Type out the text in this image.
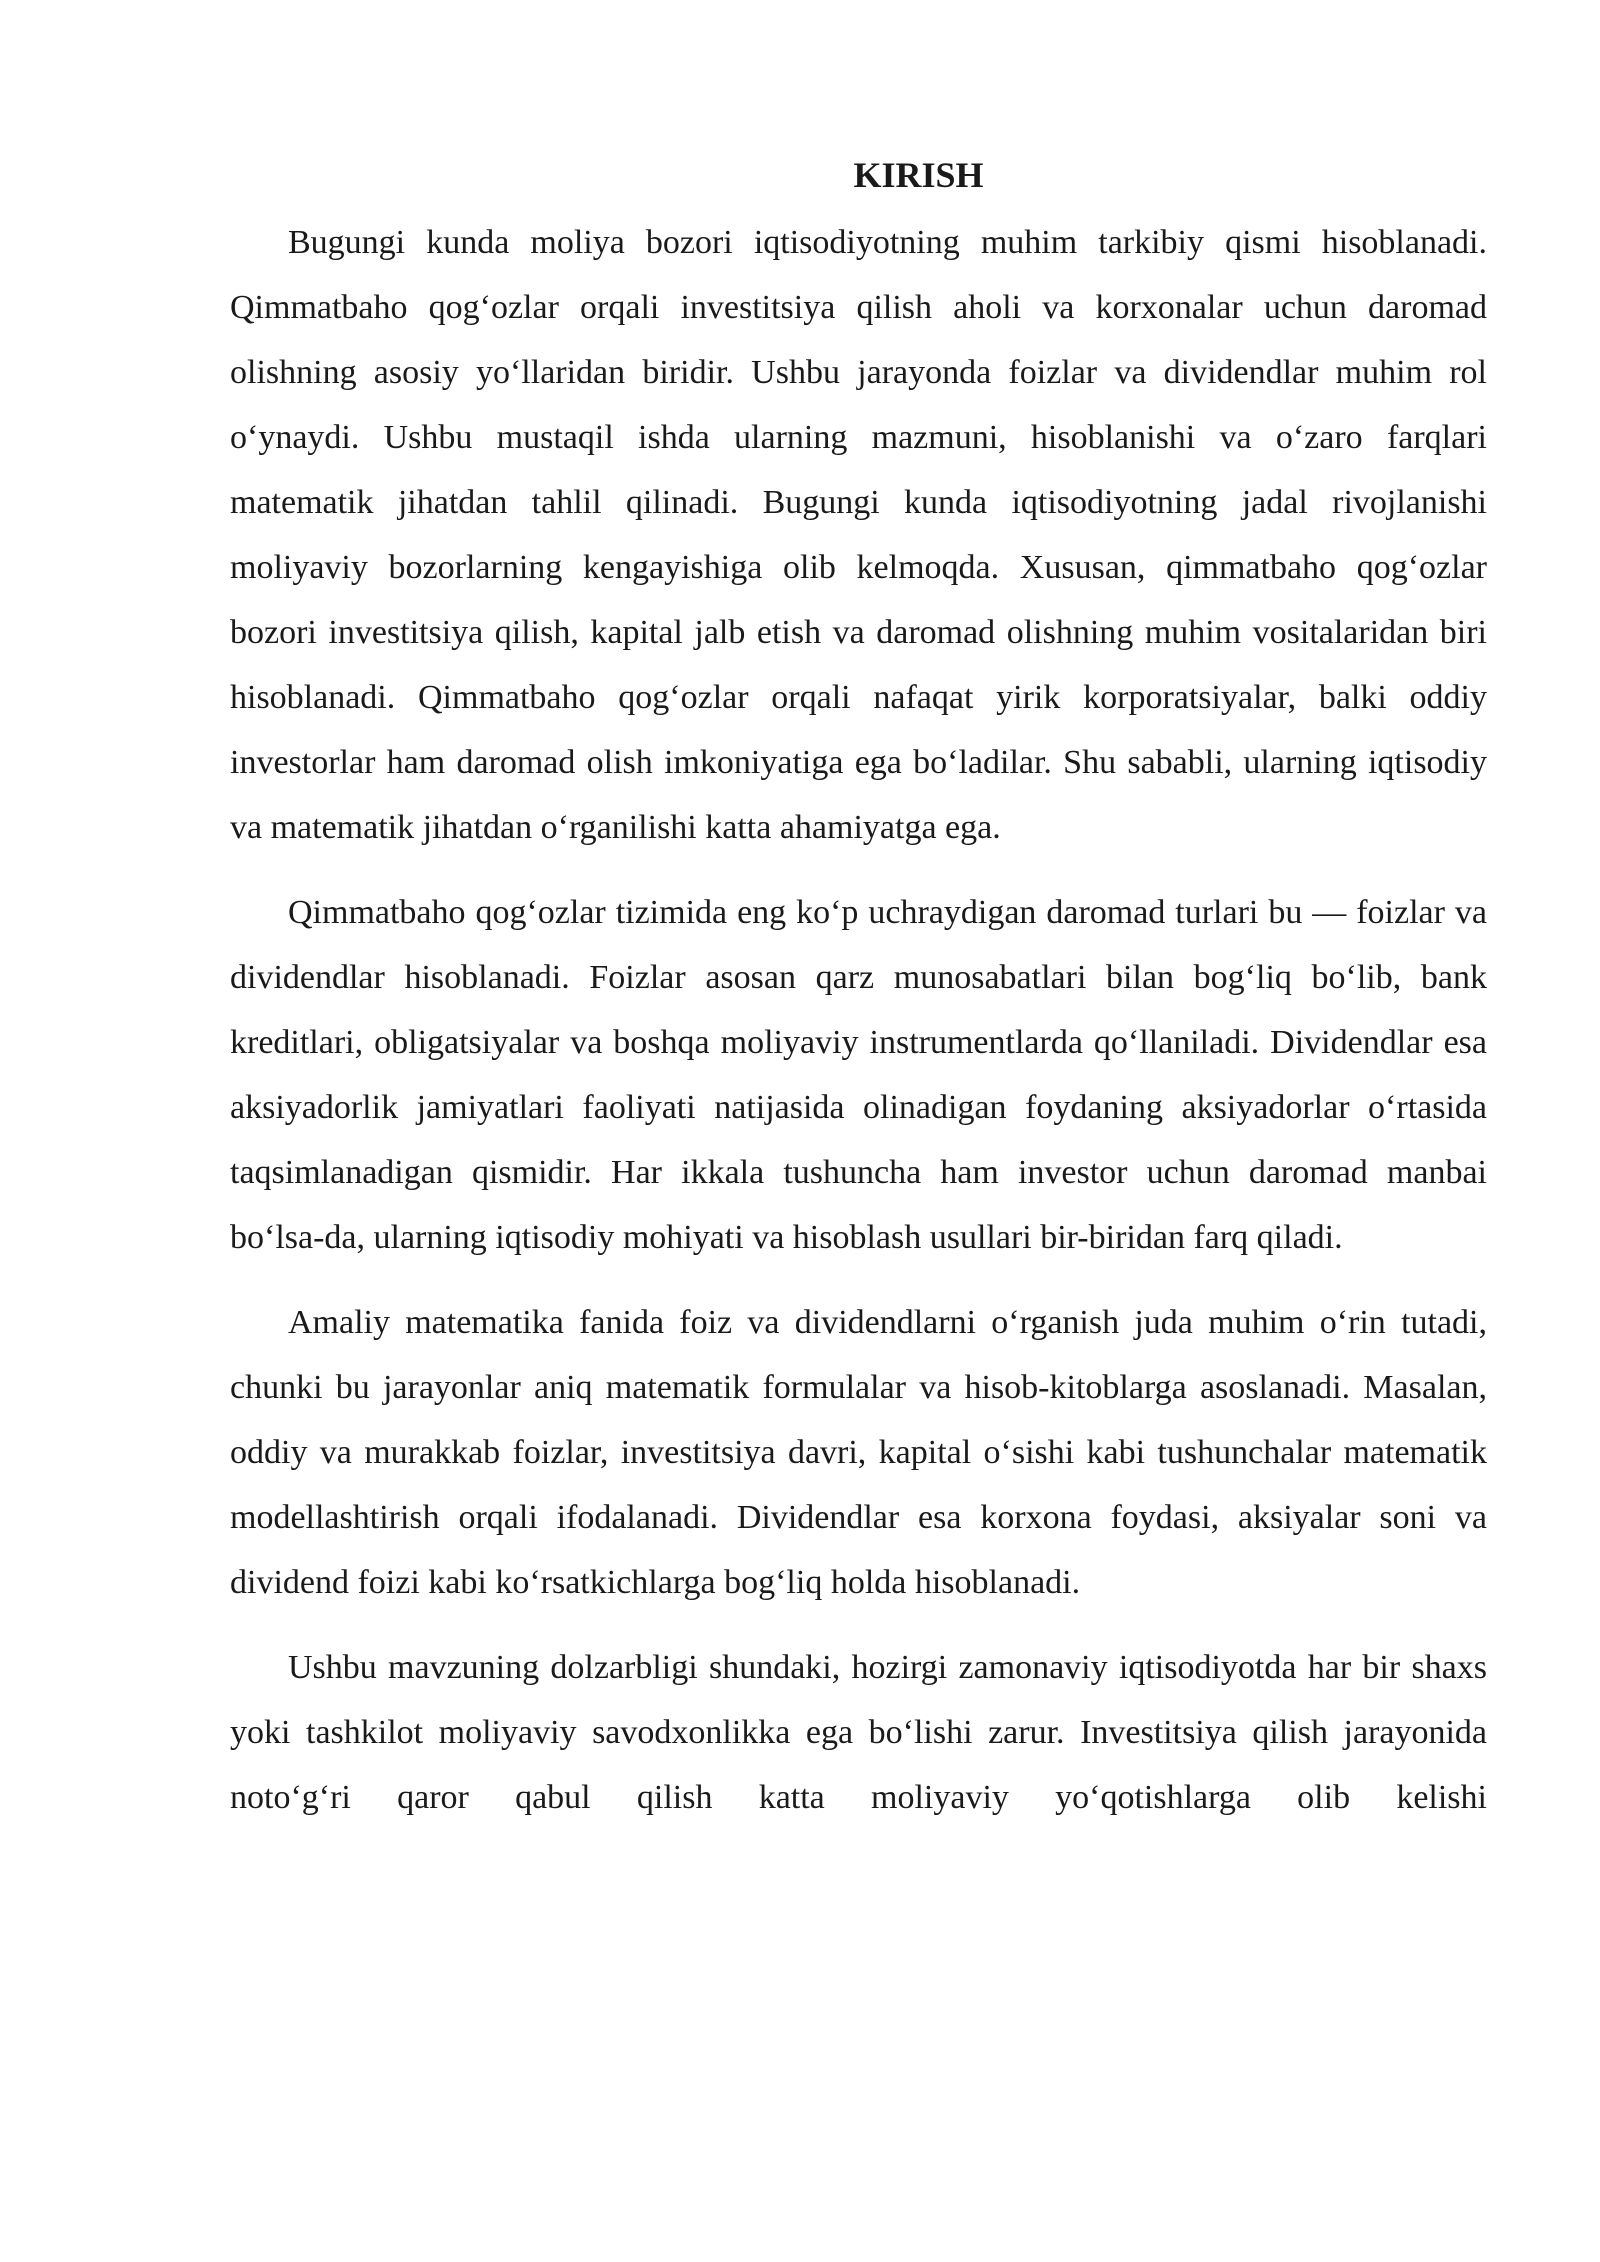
KIRISH

Bugungi kunda moliya bozori iqtisodiyotning muhim tarkibiy qismi hisoblanadi. Qimmatbaho qog‘ozlar orqali investitsiya qilish aholi va korxonalar uchun daromad olishning asosiy yo‘llaridan biridir. Ushbu jarayonda foizlar va dividendlar muhim rol o‘ynaydi. Ushbu mustaqil ishda ularning mazmuni, hisoblanishi va o‘zaro farqlari matematik jihatdan tahlil qilinadi. Bugungi kunda iqtisodiyotning jadal rivojlanishi moliyaviy bozorlarning kengayishiga olib kelmoqda. Xususan, qimmatbaho qog‘ozlar bozori investitsiya qilish, kapital jalb etish va daromad olishning muhim vositalaridan biri hisoblanadi. Qimmatbaho qog‘ozlar orqali nafaqat yirik korporatsiyalar, balki oddiy investorlar ham daromad olish imkoniyatiga ega bo‘ladilar. Shu sababli, ularning iqtisodiy va matematik jihatdan o‘rganilishi katta ahamiyatga ega.

Qimmatbaho qog‘ozlar tizimida eng ko‘p uchraydigan daromad turlari bu — foizlar va dividendlar hisoblanadi. Foizlar asosan qarz munosabatlari bilan bog‘liq bo‘lib, bank kreditlari, obligatsiyalar va boshqa moliyaviy instrumentlarda qo‘llaniladi. Dividendlar esa aksiyadorlik jamiyatlari faoliyati natijasida olinadigan foydaning aksiyadorlar o‘rtasida taqsimlanadigan qismidir. Har ikkala tushuncha ham investor uchun daromad manbai bo‘lsa-da, ularning iqtisodiy mohiyati va hisoblash usullari bir-biridan farq qiladi.

Amaliy matematika fanida foiz va dividendlarni o‘rganish juda muhim o‘rin tutadi, chunki bu jarayonlar aniq matematik formulalar va hisob-kitoblarga asoslanadi. Masalan, oddiy va murakkab foizlar, investitsiya davri, kapital o‘sishi kabi tushunchalar matematik modellashtirish orqali ifodalanadi. Dividendlar esa korxona foydasi, aksiyalar soni va dividend foizi kabi ko‘rsatkichlarga bog‘liq holda hisoblanadi.

Ushbu mavzuning dolzarbligi shundaki, hozirgi zamonaviy iqtisodiyotda har bir shaxs yoki tashkilot moliyaviy savodxonlikka ega bo‘lishi zarur. Investitsiya qilish jarayonida noto‘g‘ri qaror qabul qilish katta moliyaviy yo‘qotishlarga olib kelishi
